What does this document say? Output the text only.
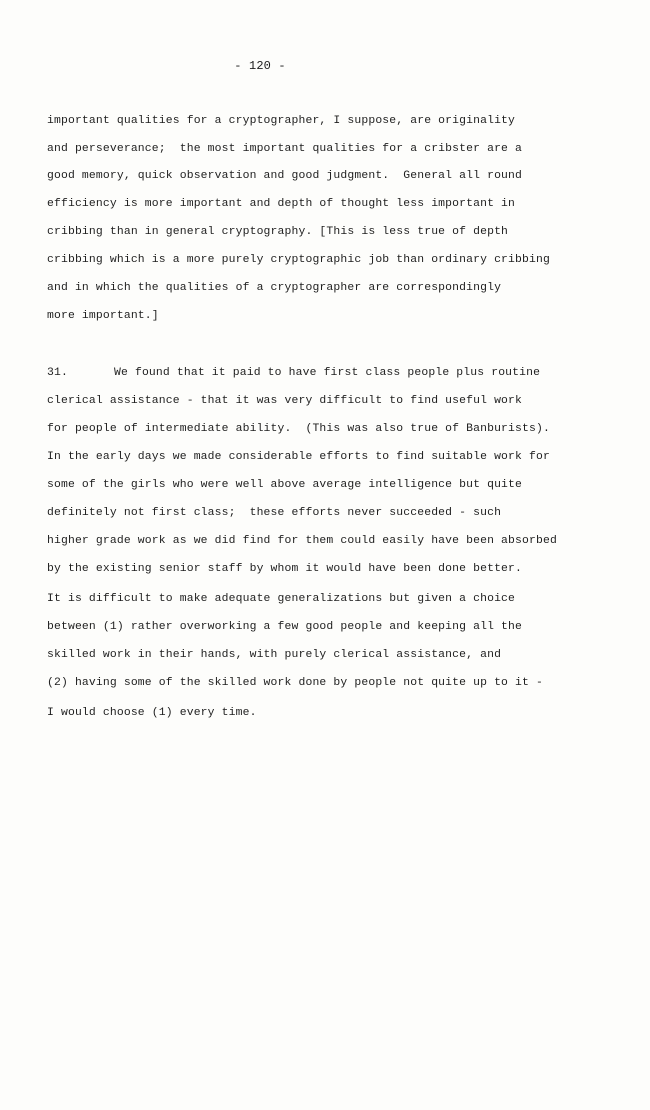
- 120 -
important qualities for a cryptographer, I suppose, are originality
and perseverance;  the most important qualities for a cribster are a
good memory, quick observation and good judgment.  General all round
efficiency is more important and depth of thought less important in
cribbing than in general cryptography. [This is less true of depth
cribbing which is a more purely cryptographic job than ordinary cribbing
and in which the qualities of a cryptographer are correspondingly
more important.]
31.	We found that it paid to have first class people plus routine
clerical assistance - that it was very difficult to find useful work
for people of intermediate ability.  (This was also true of Banburists).
In the early days we made considerable efforts to find suitable work for
some of the girls who were well above average intelligence but quite
definitely not first class;  these efforts never succeeded - such
higher grade work as we did find for them could easily have been absorbed
by the existing senior staff by whom it would have been done better.
It is difficult to make adequate generalizations but given a choice
between (1) rather overworking a few good people and keeping all the
skilled work in their hands, with purely clerical assistance, and
(2) having some of the skilled work done by people not quite up to it -
I would choose (1) every time.
